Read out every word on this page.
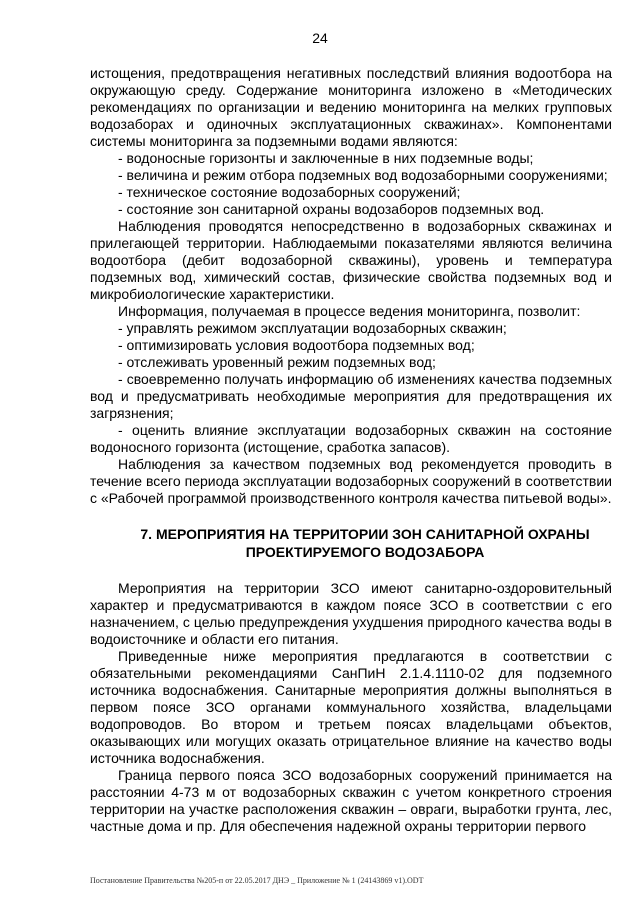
24

истощения, предотвращения негативных последствий влияния водоотбора на окружающую среду. Содержание мониторинга изложено в «Методических рекомендациях по организации и ведению мониторинга на мелких групповых водозаборах и одиночных эксплуатационных скважинах». Компонентами системы мониторинга за подземными водами являются:

- водоносные горизонты и заключенные в них подземные воды;

- величина и режим отбора подземных вод водозаборными сооружениями;

- техническое состояние водозаборных сооружений;

- состояние зон санитарной охраны водозаборов подземных вод.

Наблюдения проводятся непосредственно в водозаборных скважинах и прилегающей территории. Наблюдаемыми показателями являются величина водоотбора (дебит водозаборной скважины), уровень и температура подземных вод, химический состав, физические свойства подземных вод и микробиологические характеристики.

Информация, получаемая в процессе ведения мониторинга, позволит:

- управлять режимом эксплуатации водозаборных скважин;

- оптимизировать условия водоотбора подземных вод;

- отслеживать уровенный режим подземных вод;

- своевременно получать информацию об изменениях качества подземных вод и предусматривать необходимые мероприятия для предотвращения их загрязнения;

- оценить влияние эксплуатации водозаборных скважин на состояние водоносного горизонта (истощение, сработка запасов).

Наблюдения за качеством подземных вод рекомендуется проводить в течение всего периода эксплуатации водозаборных сооружений в соответствии с «Рабочей программой производственного контроля качества питьевой воды».

7. МЕРОПРИЯТИЯ НА ТЕРРИТОРИИ ЗОН САНИТАРНОЙ ОХРАНЫ
ПРОЕКТИРУЕМОГО ВОДОЗАБОРА

Мероприятия на территории ЗСО имеют санитарно-оздоровительный характер и предусматриваются в каждом поясе ЗСО в соответствии с его назначением, с целью предупреждения ухудшения природного качества воды в водоисточнике и области его питания.

Приведенные ниже мероприятия предлагаются в соответствии с обязательными рекомендациями СанПиН 2.1.4.1110-02 для подземного источника водоснабжения. Санитарные мероприятия должны выполняться в первом поясе ЗСО органами коммунального хозяйства, владельцами водопроводов. Во втором и третьем поясах владельцами объектов, оказывающих или могущих оказать отрицательное влияние на качество воды источника водоснабжения.

Граница первого пояса ЗСО водозаборных сооружений принимается на расстоянии 4-73 м от водозаборных скважин с учетом конкретного строения территории на участке расположения скважин – овраги, выработки грунта, лес, частные дома и пр. Для обеспечения надежной охраны территории первого

Постановление Правительства №205-п от 22.05.2017 ДНЭ _ Приложение № 1 (24143869 v1).ODT
